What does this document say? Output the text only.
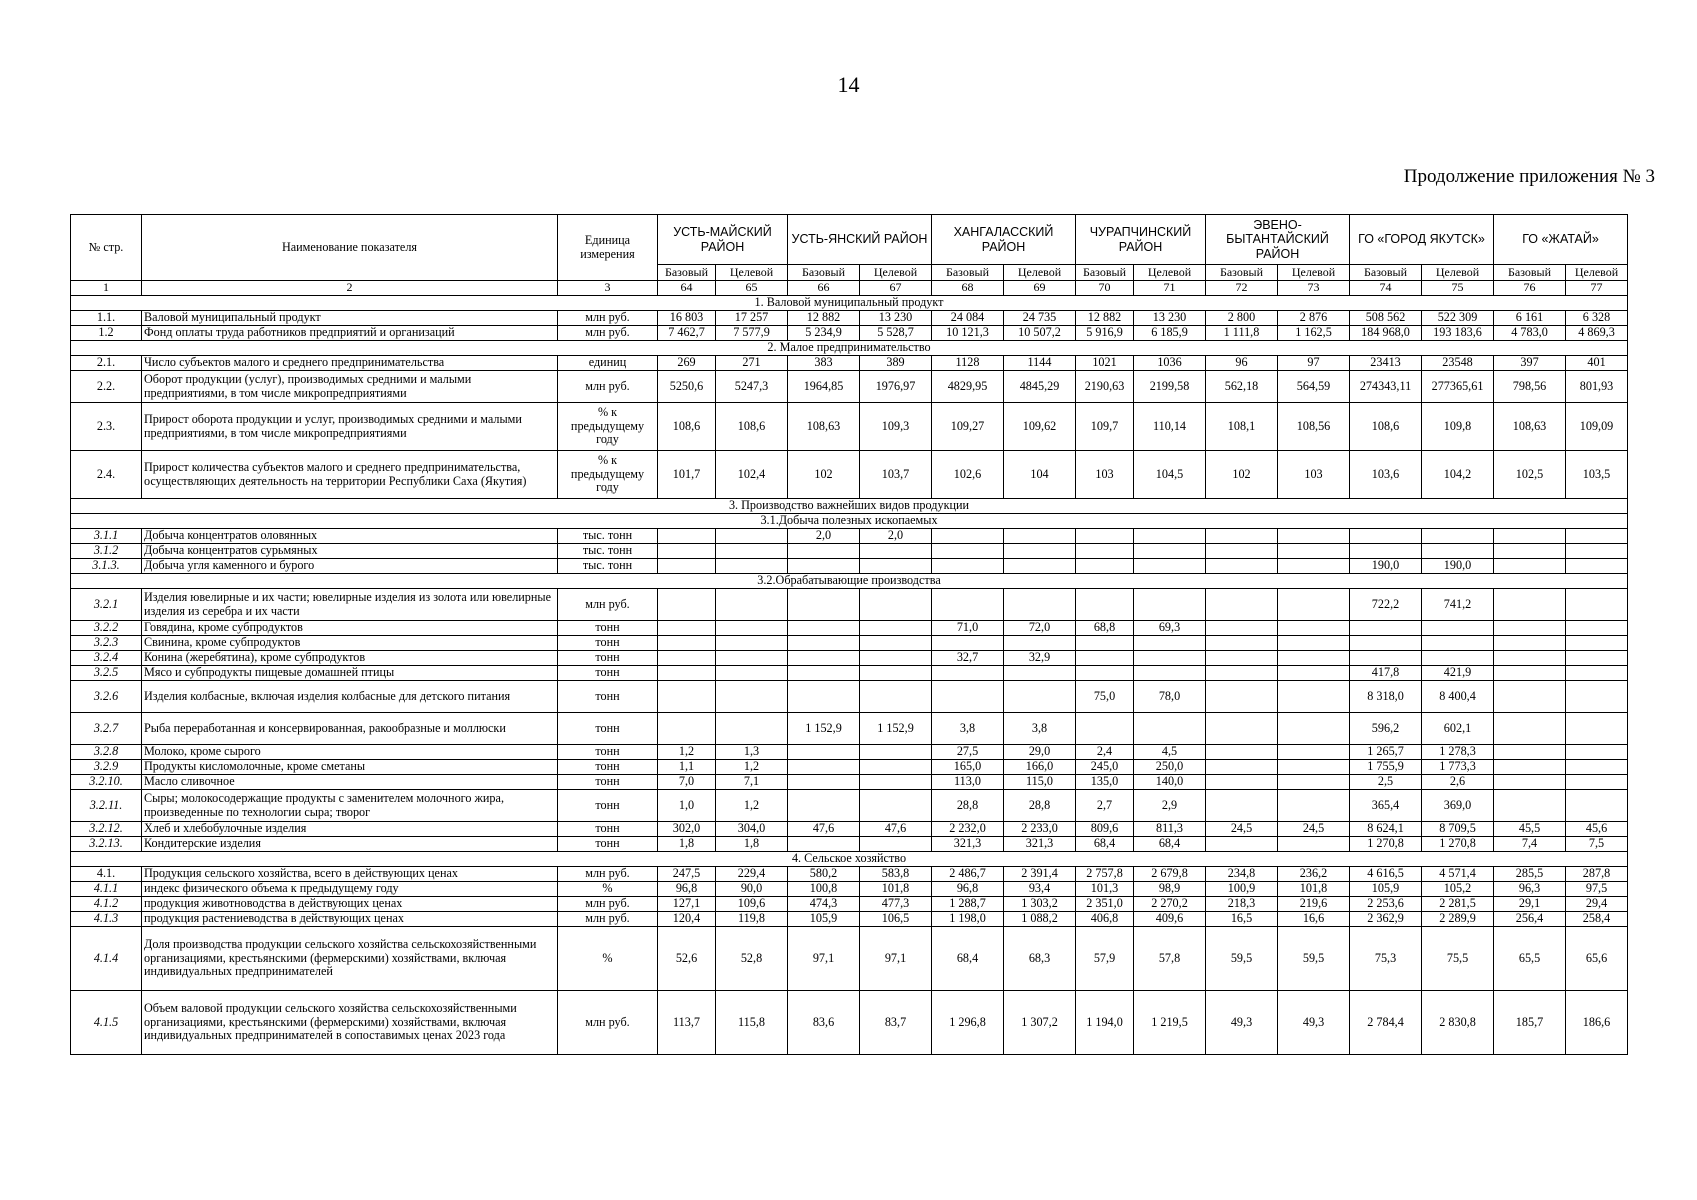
14
Продолжение приложения № 3
№ стр.	Наименование показателя	Единица измерения	УСТЬ-МАЙСКИЙ РАЙОН		УСТЬ-ЯНСКИЙ РАЙОН		ХАНГАЛАССКИЙ РАЙОН		ЧУРАПЧИНСКИЙ РАЙОН		ЭВЕНО-БЫТАНТАЙСКИЙ РАЙОН		ГО «ГОРОД ЯКУТСК»		ГО «ЖАТАЙ»	
			Базовый	Целевой	Базовый	Целевой	Базовый	Целевой	Базовый	Целевой	Базовый	Целевой	Базовый	Целевой	Базовый	Целевой
1	2	3	64	65	66	67	68	69	70	71	72	73	74	75	76	77
1. Валовой муниципальный продукт																
1.1.	Валовой муниципальный продукт	млн руб.	16 803	17 257	12 882	13 230	24 084	24 735	12 882	13 230	2 800	2 876	508 562	522 309	6 161	6 328
1.2	Фонд оплаты труда работников предприятий и организаций	млн руб.	7 462,7	7 577,9	5 234,9	5 528,7	10 121,3	10 507,2	5 916,9	6 185,9	1 111,8	1 162,5	184 968,0	193 183,6	4 783,0	4 869,3
2. Малое предпринимательство																
2.1.	Число субъектов малого и среднего предпринимательства	единиц	269	271	383	389	1128	1144	1021	1036	96	97	23413	23548	397	401
2.2.	Оборот продукции (услуг), производимых средними и малыми предприятиями, в том числе микропредприятиями	млн руб.	5250,6	5247,3	1964,85	1976,97	4829,95	4845,29	2190,63	2199,58	562,18	564,59	274343,11	277365,61	798,56	801,93
2.3.	Прирост оборота продукции и услуг, производимых средними и малыми предприятиями, в том числе микропредприятиями	% к предыдущему году	108,6	108,6	108,63	109,3	109,27	109,62	109,7	110,14	108,1	108,56	108,6	109,8	108,63	109,09
2.4.	Прирост количества субъектов малого и среднего предпринимательства, осуществляющих деятельность на территории Республики Саха (Якутия)	% к предыдущему году	101,7	102,4	102	103,7	102,6	104	103	104,5	102	103	103,6	104,2	102,5	103,5
3. Производство важнейших видов продукции																
3.1.Добыча полезных ископаемых																
3.1.1	Добыча концентратов оловянных	тыс. тонн			2,0	2,0										
3.1.2	Добыча концентратов сурьмяных	тыс. тонн														
3.1.3.	Добыча угля каменного и бурого	тыс. тонн											190,0	190,0		
3.2.Обрабатывающие производства																
3.2.1	Изделия ювелирные и их части; ювелирные изделия из золота или ювелирные изделия из серебра и их части	млн руб.											722,2	741,2		
3.2.2	Говядина, кроме субпродуктов	тонн					71,0	72,0	68,8	69,3						
3.2.3	Свинина, кроме субпродуктов	тонн														
3.2.4	Конина (жеребятина), кроме субпродуктов	тонн					32,7	32,9								
3.2.5	Мясо и субпродукты пищевые домашней птицы	тонн											417,8	421,9		
3.2.6	Изделия колбасные, включая изделия колбасные для детского питания	тонн							75,0	78,0			8 318,0	8 400,4		
3.2.7	Рыба переработанная и консервированная, ракообразные и моллюски	тонн			1 152,9	1 152,9	3,8	3,8					596,2	602,1		
3.2.8	Молоко, кроме сырого	тонн	1,2	1,3			27,5	29,0	2,4	4,5			1 265,7	1 278,3		
3.2.9	Продукты кисломолочные, кроме сметаны	тонн	1,1	1,2			165,0	166,0	245,0	250,0			1 755,9	1 773,3		
3.2.10.	Масло сливочное	тонн	7,0	7,1			113,0	115,0	135,0	140,0			2,5	2,6		
3.2.11.	Сыры; молокосодержащие продукты с заменителем молочного жира, произведенные по технологии сыра; творог	тонн	1,0	1,2			28,8	28,8	2,7	2,9			365,4	369,0		
3.2.12.	Хлеб и хлебобулочные изделия	тонн	302,0	304,0	47,6	47,6	2 232,0	2 233,0	809,6	811,3	24,5	24,5	8 624,1	8 709,5	45,5	45,6
3.2.13.	Кондитерские изделия	тонн	1,8	1,8			321,3	321,3	68,4	68,4			1 270,8	1 270,8	7,4	7,5
4. Сельское хозяйство																
4.1.	Продукция сельского хозяйства, всего в действующих ценах	млн руб.	247,5	229,4	580,2	583,8	2 486,7	2 391,4	2 757,8	2 679,8	234,8	236,2	4 616,5	4 571,4	285,5	287,8
4.1.1	индекс физического объема к предыдущему году	%	96,8	90,0	100,8	101,8	96,8	93,4	101,3	98,9	100,9	101,8	105,9	105,2	96,3	97,5
4.1.2	продукция животноводства в действующих ценах	млн руб.	127,1	109,6	474,3	477,3	1 288,7	1 303,2	2 351,0	2 270,2	218,3	219,6	2 253,6	2 281,5	29,1	29,4
4.1.3	продукция растениеводства в действующих ценах	млн руб.	120,4	119,8	105,9	106,5	1 198,0	1 088,2	406,8	409,6	16,5	16,6	2 362,9	2 289,9	256,4	258,4
4.1.4	Доля производства продукции сельского хозяйства сельскохозяйственными организациями, крестьянскими (фермерскими) хозяйствами, включая индивидуальных предпринимателей	%	52,6	52,8	97,1	97,1	68,4	68,3	57,9	57,8	59,5	59,5	75,3	75,5	65,5	65,6
4.1.5	Объем валовой продукции сельского хозяйства сельскохозяйственными организациями, крестьянскими (фермерскими) хозяйствами, включая индивидуальных предпринимателей в сопоставимых ценах 2023 года	млн руб.	113,7	115,8	83,6	83,7	1 296,8	1 307,2	1 194,0	1 219,5	49,3	49,3	2 784,4	2 830,8	185,7	186,6
